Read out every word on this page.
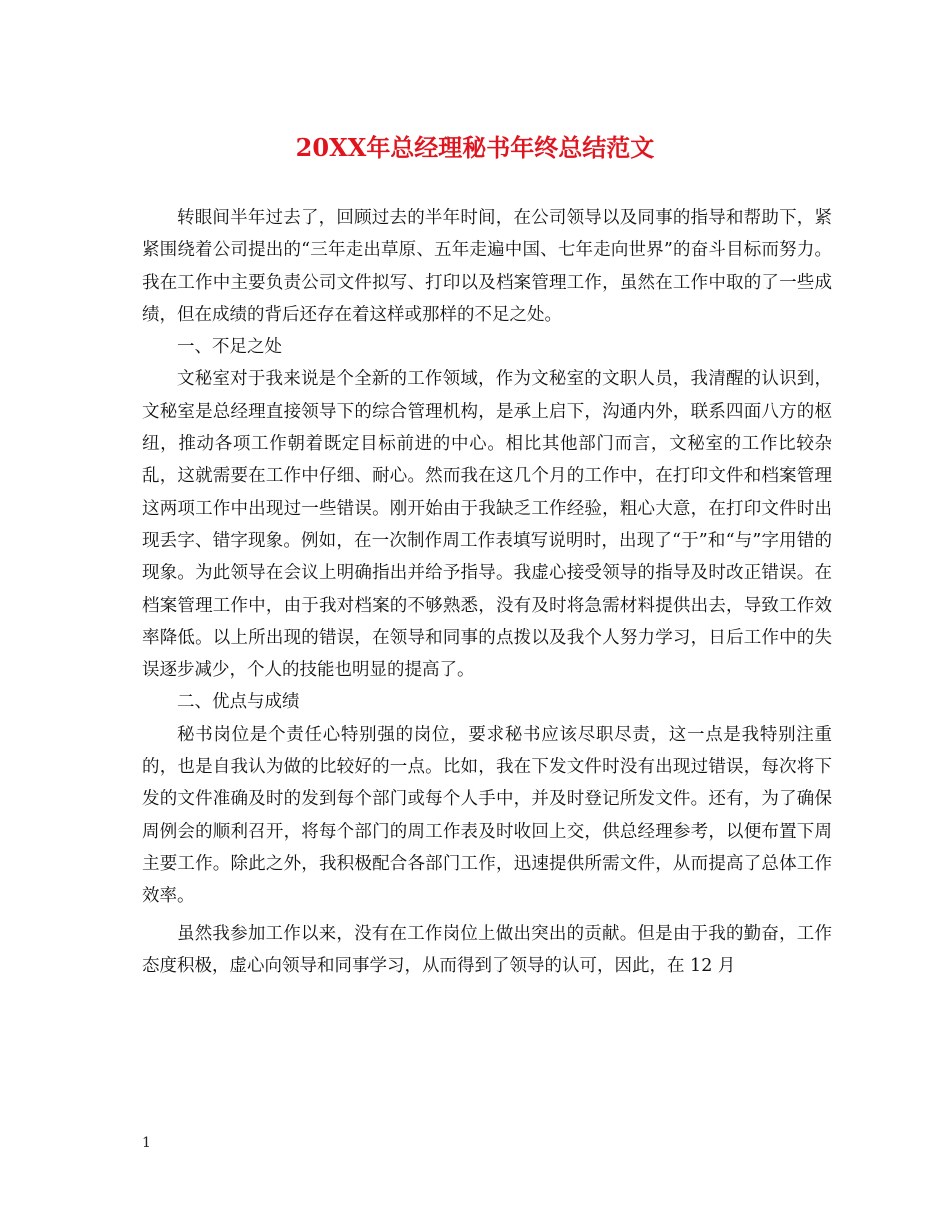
20XX年总经理秘书年终总结范文

转眼间半年过去了，回顾过去的半年时间，在公司领导以及同事的指导和帮助下，紧紧围绕着公司提出的“三年走出草原、五年走遍中国、七年走向世界”的奋斗目标而努力。我在工作中主要负责公司文件拟写、打印以及档案管理工作，虽然在工作中取的了一些成绩，但在成绩的背后还存在着这样或那样的不足之处。

一、不足之处

文秘室对于我来说是个全新的工作领域，作为文秘室的文职人员，我清醒的认识到，文秘室是总经理直接领导下的综合管理机构，是承上启下，沟通内外，联系四面八方的枢纽，推动各项工作朝着既定目标前进的中心。相比其他部门而言，文秘室的工作比较杂乱，这就需要在工作中仔细、耐心。然而我在这几个月的工作中，在打印文件和档案管理这两项工作中出现过一些错误。刚开始由于我缺乏工作经验，粗心大意，在打印文件时出现丢字、错字现象。例如，在一次制作周工作表填写说明时，出现了“于”和“与”字用错的现象。为此领导在会议上明确指出并给予指导。我虚心接受领导的指导及时改正错误。在档案管理工作中，由于我对档案的不够熟悉，没有及时将急需材料提供出去，导致工作效率降低。以上所出现的错误，在领导和同事的点拨以及我个人努力学习，日后工作中的失误逐步减少，个人的技能也明显的提高了。

二、优点与成绩

秘书岗位是个责任心特别强的岗位，要求秘书应该尽职尽责，这一点是我特别注重的，也是自我认为做的比较好的一点。比如，我在下发文件时没有出现过错误，每次将下发的文件准确及时的发到每个部门或每个人手中，并及时登记所发文件。还有，为了确保周例会的顺利召开，将每个部门的周工作表及时收回上交，供总经理参考，以便布置下周主要工作。除此之外，我积极配合各部门工作，迅速提供所需文件，从而提高了总体工作效率。

虽然我参加工作以来，没有在工作岗位上做出突出的贡献。但是由于我的勤奋，工作态度积极，虚心向领导和同事学习，从而得到了领导的认可，因此，在 12 月

1
